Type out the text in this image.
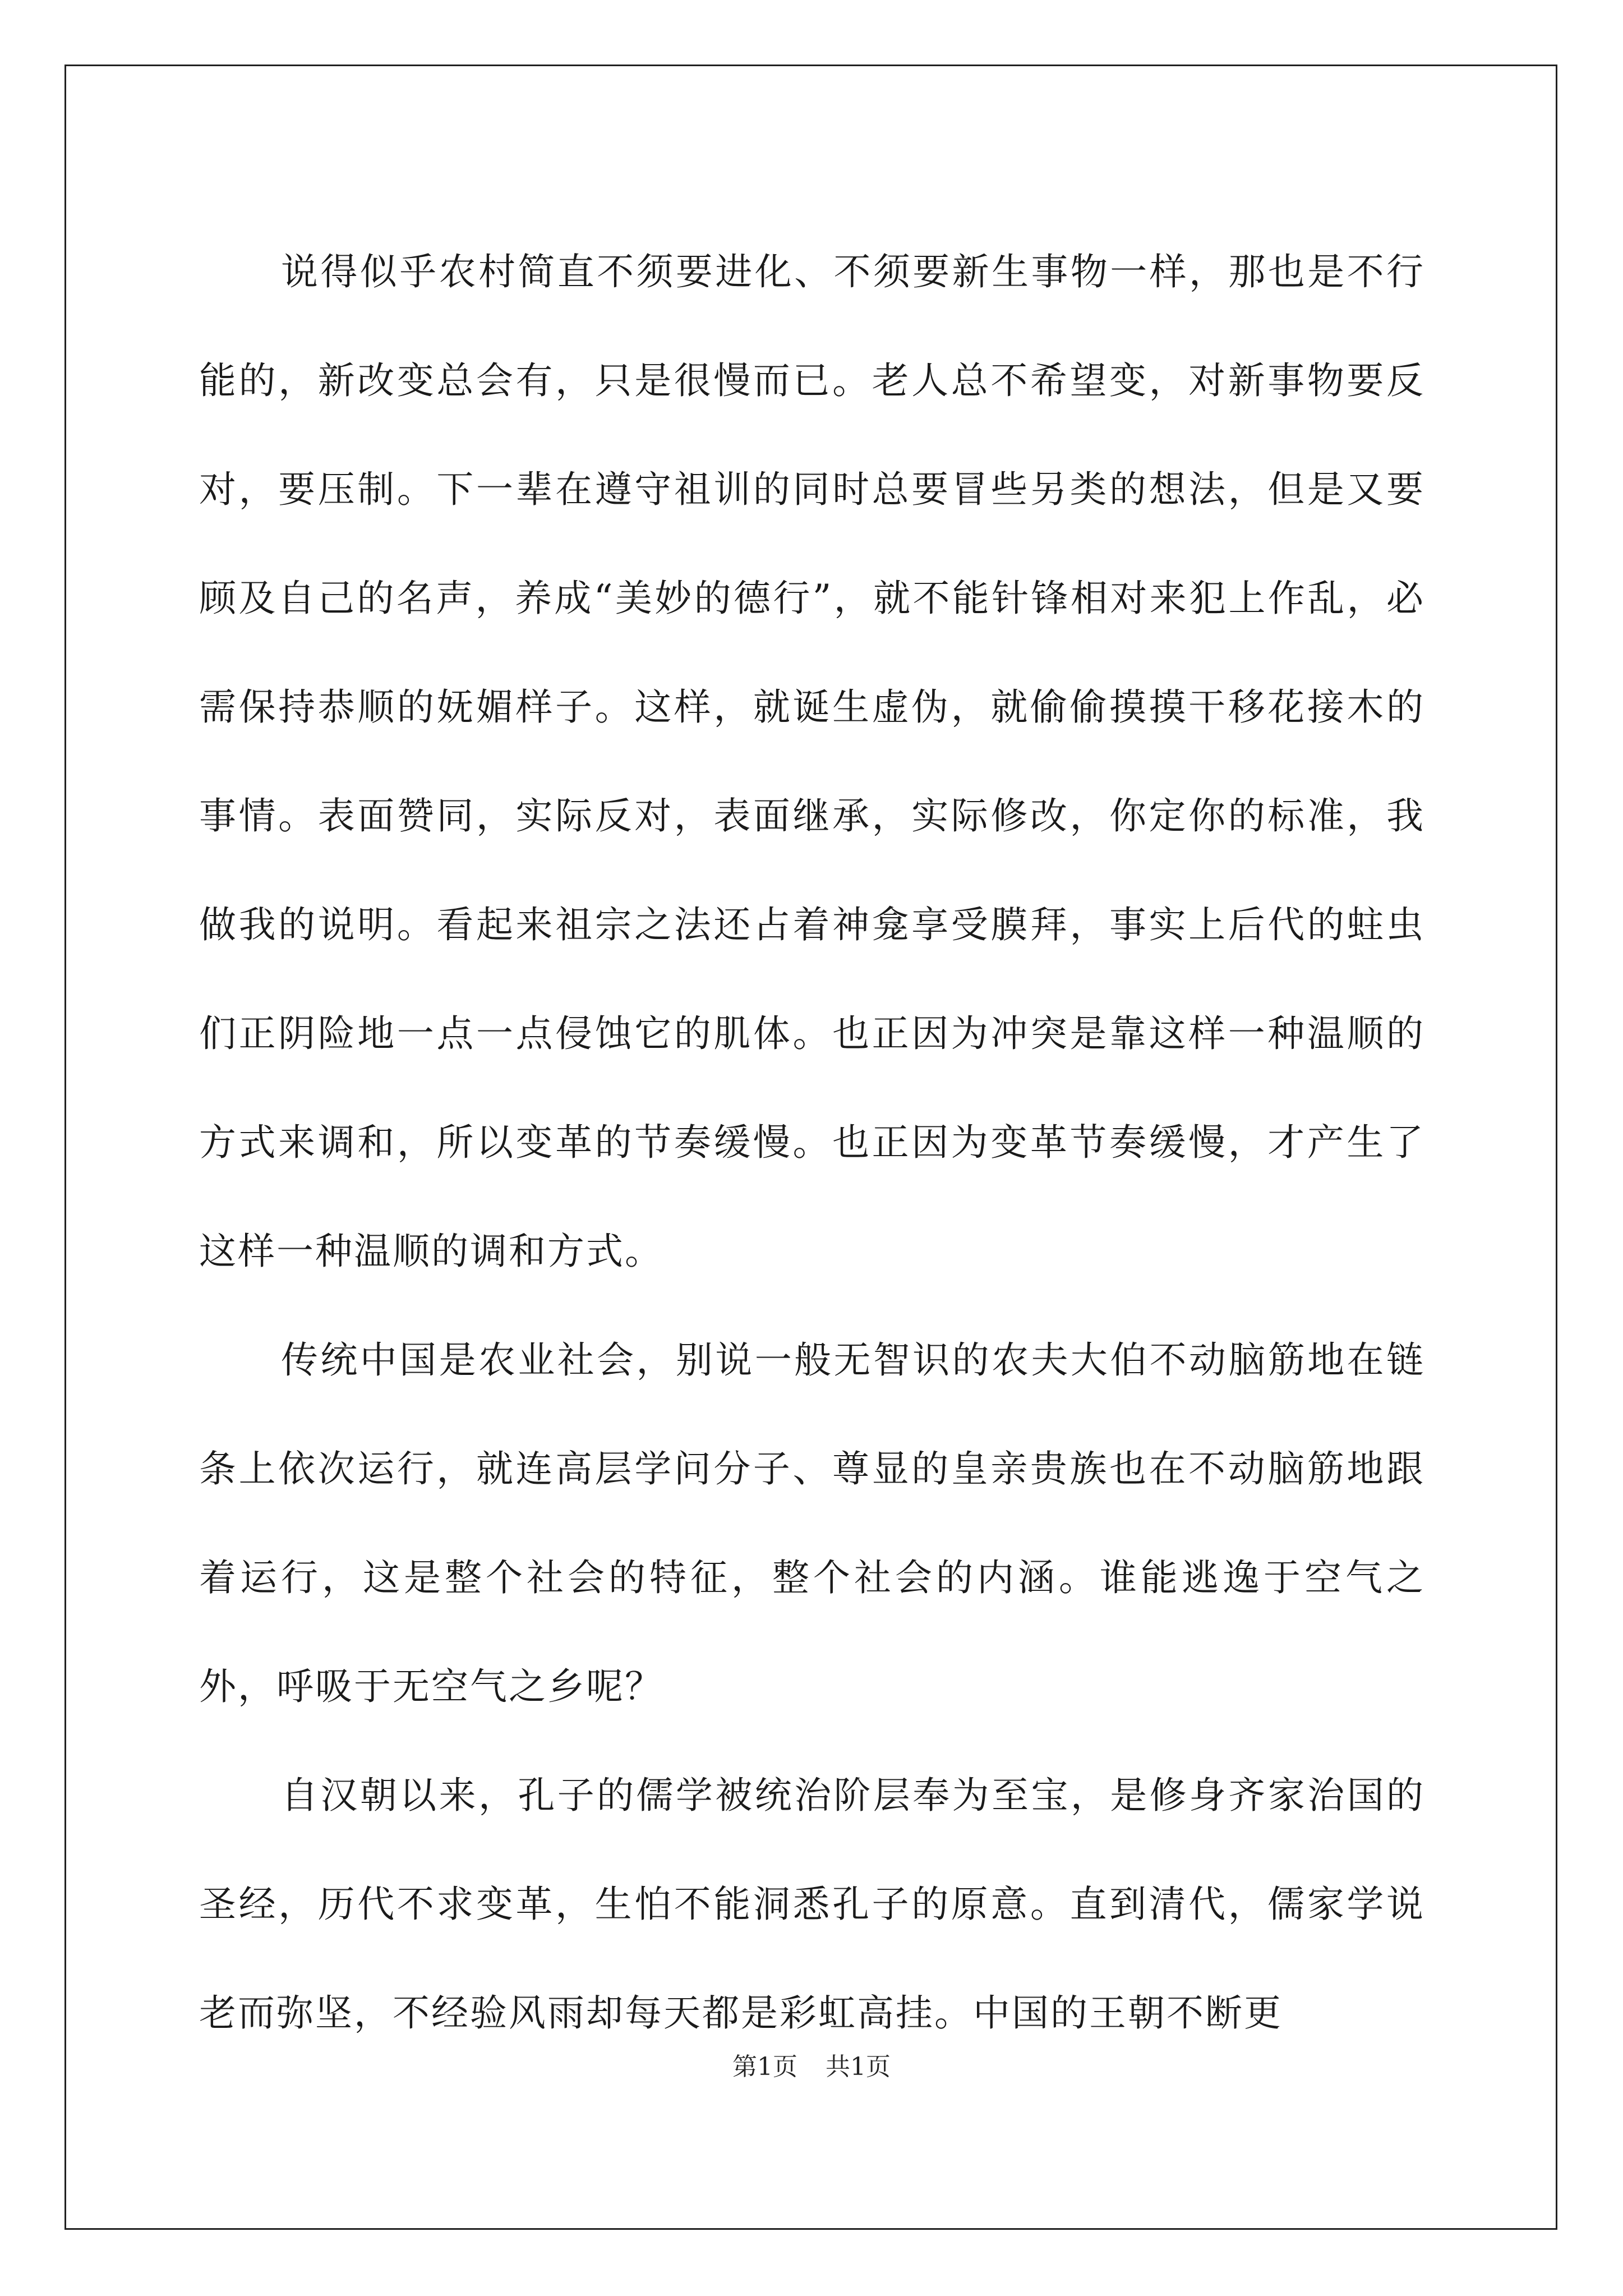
说得似乎农村简直不须要进化、不须要新生事物一样，那也是不行能的，新改变总会有，只是很慢而已。老人总不希望变，对新事物要反对，要压制。下一辈在遵守祖训的同时总要冒些另类的想法，但是又要顾及自己的名声，养成“美妙的德行”，就不能针锋相对来犯上作乱，必需保持恭顺的妩媚样子。这样，就诞生虚伪，就偷偷摸摸干移花接木的事情。表面赞同，实际反对，表面继承，实际修改，你定你的标准，我做我的说明。看起来祖宗之法还占着神龛享受膜拜，事实上后代的蛀虫们正阴险地一点一点侵蚀它的肌体。也正因为冲突是靠这样一种温顺的方式来调和，所以变革的节奏缓慢。也正因为变革节奏缓慢，才产生了这样一种温顺的调和方式。

传统中国是农业社会，别说一般无智识的农夫大伯不动脑筋地在链条上依次运行，就连高层学问分子、尊显的皇亲贵族也在不动脑筋地跟着运行，这是整个社会的特征，整个社会的内涵。谁能逃逸于空气之外，呼吸于无空气之乡呢？

自汉朝以来，孔子的儒学被统治阶层奉为至宝，是修身齐家治国的圣经，历代不求变革，生怕不能洞悉孔子的原意。直到清代，儒家学说老而弥坚，不经验风雨却每天都是彩虹高挂。中国的王朝不断更

第1页 共1页
